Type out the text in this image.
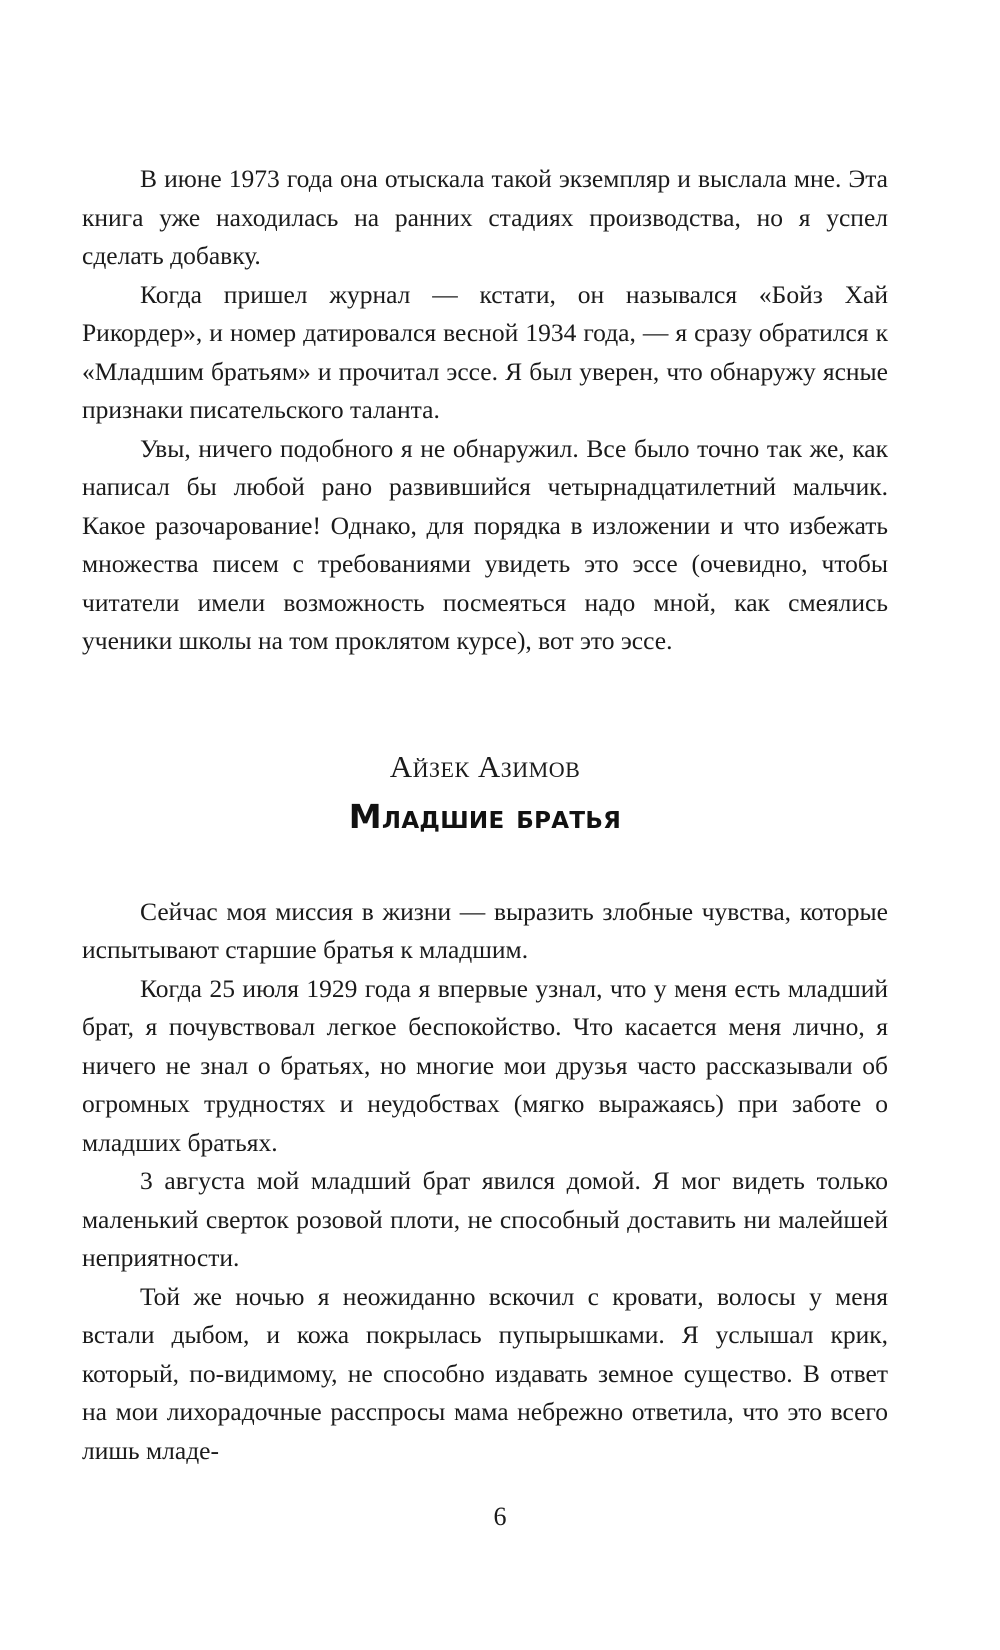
В июне 1973 года она отыскала такой экземпляр и выслала мне. Эта книга уже находилась на ранних стадиях производства, но я успел сделать добавку.

Когда пришел журнал — кстати, он назывался «Бойз Хай Рикордер», и номер датировался весной 1934 года, — я сразу обратился к «Младшим братьям» и прочитал эссе. Я был уверен, что обнаружу ясные признаки писательского таланта.

Увы, ничего подобного я не обнаружил. Все было точно так же, как написал бы любой рано развившийся четырнадцатилетний мальчик. Какое разочарование! Однако, для порядка в изложении и что избежать множества писем с требованиями увидеть это эссе (очевидно, чтобы читатели имели возможность посмеяться надо мной, как смеялись ученики школы на том проклятом курсе), вот это эссе.

Айзек Азимов
Младшие братья

Сейчас моя миссия в жизни — выразить злобные чувства, которые испытывают старшие братья к младшим.

Когда 25 июля 1929 года я впервые узнал, что у меня есть младший брат, я почувствовал легкое беспокойство. Что касается меня лично, я ничего не знал о братьях, но многие мои друзья часто рассказывали об огромных трудностях и неудобствах (мягко выражаясь) при заботе о младших братьях.

3 августа мой младший брат явился домой. Я мог видеть только маленький сверток розовой плоти, не способный доставить ни малейшей неприятности.

Той же ночью я неожиданно вскочил с кровати, волосы у меня встали дыбом, и кожа покрылась пупырышками. Я услышал крик, который, по-видимому, не способно издавать земное существо. В ответ на мои лихорадочные расспросы мама небрежно ответила, что это всего лишь младе-

6
